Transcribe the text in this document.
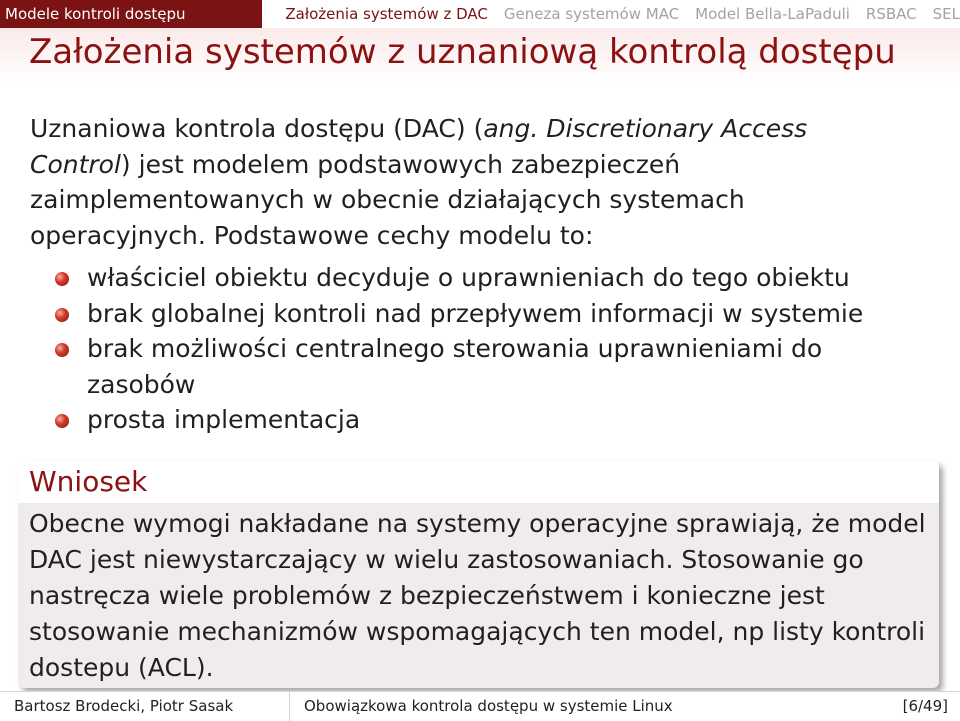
Modele kontroli dostępu	Założenia systemów z DAC Geneza systemów MAC Model Bella-LaPaduli RSBAC SEL
Założenia systemów z uznaniową kontrolą dostępu
Uznaniowa kontrola dostępu (DAC) (ang. Discretionary Access Control) jest modelem podstawowych zabezpieczeń zaimplementowanych w obecnie działających systemach operacyjnych. Podstawowe cechy modelu to:
właściciel obiektu decyduje o uprawnieniach do tego obiektu
brak globalnej kontroli nad przepływem informacji w systemie
brak możliwości centralnego sterowania uprawnieniami do zasobów
prosta implementacja
Wniosek
Obecne wymogi nakładane na systemy operacyjne sprawiają, że model DAC jest niewystarczający w wielu zastosowaniach. Stosowanie go nastręcza wiele problemów z bezpieczeństwem i konieczne jest stosowanie mechanizmów wspomagających ten model, np listy kontroli dostepu (ACL).
Bartosz Brodecki, Piotr Sasak	Obowiązkowa kontrola dostępu w systemie Linux	[6/49]
